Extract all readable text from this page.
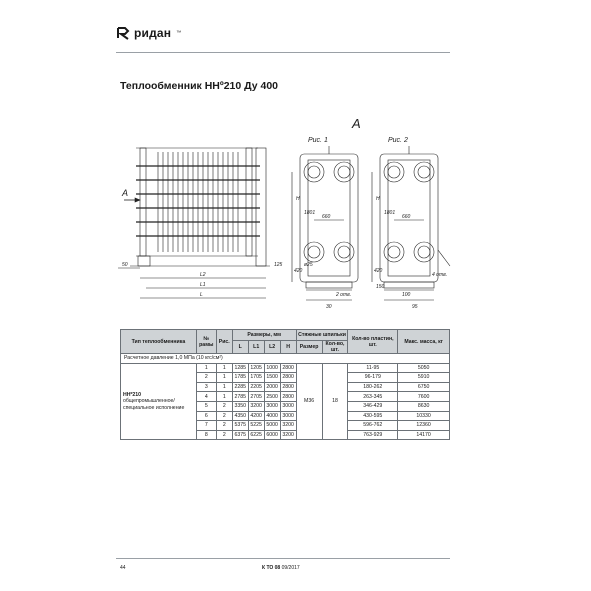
ридан ™
Теплообменник ННº210 Ду 400
A
Рис. 1	Рис. 2
A
L2
L1
L
50	125
H	H
1801	1801
660	660
420	420
ø25
2 отв.
4 отв.
30
150
100
95
Тип теплообменника	№ рамы	Рис.	Размеры, мм				Стяжные шпильки		Кол-во пластин, шт.	Макс. масса, кг
			L	L1	L2	H	Размер	Кол-во, шт.		
Расчетное давление 1,0 МПа (10 кгс/см²)										
ННº210
общепромышленное/ специальное исполнение	1	1	1285	1205	1000	2800	M36	18	11-95	5050
	2	1	1785	1705	1500	2800			96-179	5910
	3	1	2285	2205	2000	2800			180-262	6750
	4	1	2785	2705	2500	2800			263-345	7600
	5	2	3350	3200	3000	3000			346-429	8630
	6	2	4350	4200	4000	3000			430-595	10330
	7	2	5375	5225	5000	3200			596-762	12360
	8	2	6375	6225	6000	3200			763-929	14170
44	К ТО 08 09/2017
